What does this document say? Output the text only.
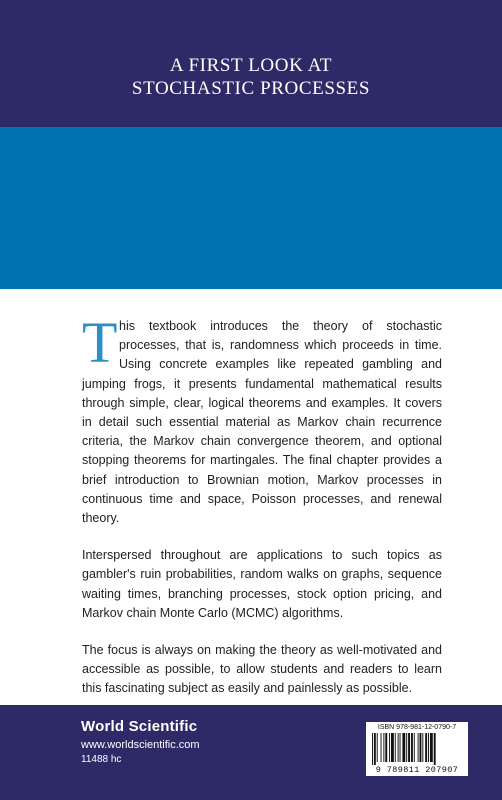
A FIRST LOOK AT
STOCHASTIC PROCESSES

This textbook introduces the theory of stochastic processes, that is, randomness which proceeds in time. Using concrete examples like repeated gambling and jumping frogs, it presents fundamental mathematical results through simple, clear, logical theorems and examples. It covers in detail such essential material as Markov chain recurrence criteria, the Markov chain convergence theorem, and optional stopping theorems for martingales. The final chapter provides a brief introduction to Brownian motion, Markov processes in continuous time and space, Poisson processes, and renewal theory.

Interspersed throughout are applications to such topics as gambler's ruin probabilities, random walks on graphs, sequence waiting times, branching processes, stock option pricing, and Markov chain Monte Carlo (MCMC) algorithms.

The focus is always on making the theory as well-motivated and accessible as possible, to allow students and readers to learn this fascinating subject as easily and painlessly as possible.

World Scientific
www.worldscientific.com
11488 hc
ISBN 978-981-12-0790-7
9 789811 207907
